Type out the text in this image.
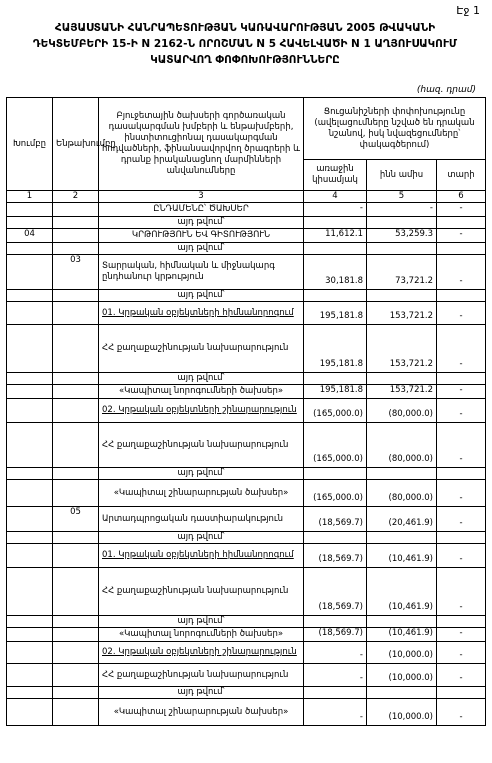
Էջ 1
ՀԱՅԱՍՏԱՆԻ ՀԱՆՐԱՊԵՏՈՒԹՅԱՆ ԿԱՌԱՎԱՐՈՒԹՅԱՆ 2005 ԹՎԱԿԱՆԻ ԴԵԿՏԵՄԲԵՐԻ 15-Ի N 2162-Ն ՈՐՈՇՄԱՆ N 5 ՀԱՎԵԼՎԱԾԻ N 1 ԱՂՅՈՒՍԱԿՈՒՄ ԿԱՏԱՐՎՈՂ ՓՈՓՈԽՈՒԹՅՈՒՆՆԵՐԸ
(հազ. դրամ)
Խումբը	Ենթախումբը	Բյուջետային ծախսերի գործառական դասակարգման խմբերի և ենթախմբերի, ինստիտուցիոնալ դասակարգման հոդվածների, ֆինանսավորվող ծրագրերի և դրանք իրականացնող մարմինների անվանումները	Ցուցանիշների փոփոխությունը (ավելացումները նշված են դրական նշանով, իսկ նվազեցումները՝ փակագծերում)		
			առաջին կիսամյակ	ինն ամիս	տարի
1	2	3	4	5	6
		ԸՆԴԱՄԵՆԸ՝ ԾԱԽՍԵՐ	-	-	-
		այդ թվում՝			
04		ԿՐԹՈՒԹՅՈՒՆ ԵՎ ԳԻՏՈՒԹՅՈՒՆ	11,612.1	53,259.3	-
		այդ թվում՝			
	03	Տարրական, հիմնական և միջնակարգ ընդհանուր կրթություն	30,181.8	73,721.2	-
		այդ թվում՝			
		01. Կրթական օբյեկտների հիմնանորոգում	195,181.8	153,721.2	-
		ՀՀ քաղաքաշինության նախարարություն	195,181.8	153,721.2	-
		այդ թվում՝			
		«Կապիտալ նորոգումների ծախսեր»	195,181.8	153,721.2	-
		02. Կրթական օբյեկտների շինարարություն	(165,000.0)	(80,000.0)	-
		ՀՀ քաղաքաշինության նախարարություն	(165,000.0)	(80,000.0)	-
		այդ թվում՝			
		«Կապիտալ շինարարության ծախսեր»	(165,000.0)	(80,000.0)	-
	05	Արտադպրոցական դաստիարակություն	(18,569.7)	(20,461.9)	-
		այդ թվում՝			
		01. Կրթական օբյեկտների հիմնանորոգում	(18,569.7)	(10,461.9)	-
		ՀՀ քաղաքաշինության նախարարություն	(18,569.7)	(10,461.9)	-
		այդ թվում՝			
		«Կապիտալ նորոգումների ծախսեր»	(18,569.7)	(10,461.9)	-
		02. Կրթական օբյեկտների շինարարություն	-	(10,000.0)	-
		ՀՀ քաղաքաշինության նախարարություն	-	(10,000.0)	-
		այդ թվում՝			
		«Կապիտալ շինարարության ծախսեր»	-	(10,000.0)	-
